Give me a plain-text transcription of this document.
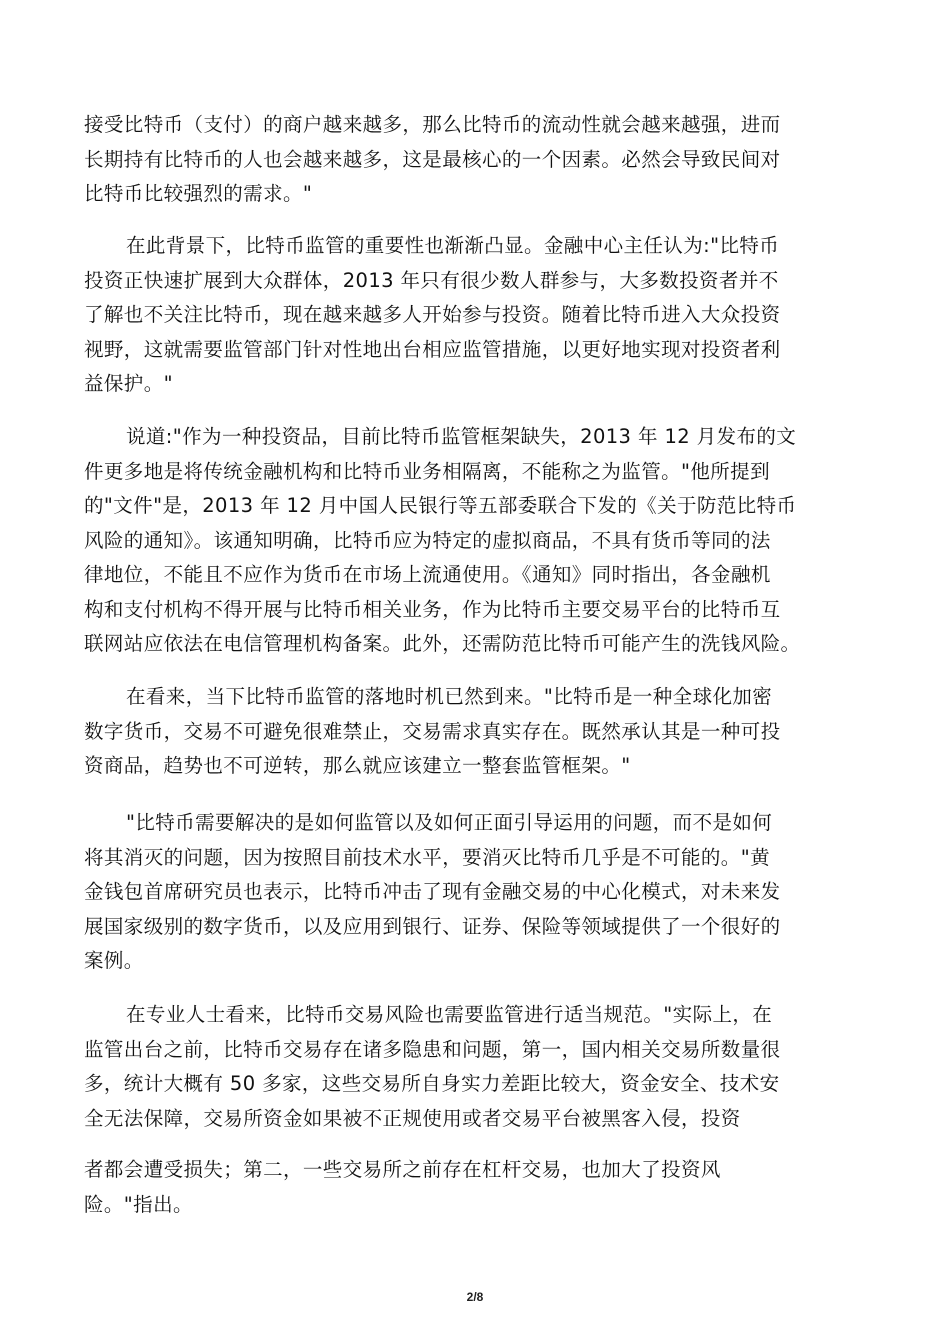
接受比特币（支付）的商户越来越多，那么比特币的流动性就会越来越强，进而
长期持有比特币的人也会越来越多，这是最核心的一个因素。必然会导致民间对
比特币比较强烈的需求。"
在此背景下，比特币监管的重要性也渐渐凸显。金融中心主任认为:"比特币
投资正快速扩展到大众群体，2013 年只有很少数人群参与，大多数投资者并不
了解也不关注比特币，现在越来越多人开始参与投资。随着比特币进入大众投资
视野，这就需要监管部门针对性地出台相应监管措施，以更好地实现对投资者利
益保护。"
说道:"作为一种投资品，目前比特币监管框架缺失，2013 年 12 月发布的文
件更多地是将传统金融机构和比特币业务相隔离，不能称之为监管。"他所提到
的"文件"是，2013 年 12 月中国人民银行等五部委联合下发的《关于防范比特币
风险的通知》。该通知明确，比特币应为特定的虚拟商品，不具有货币等同的法
律地位，不能且不应作为货币在市场上流通使用。《通知》同时指出，各金融机
构和支付机构不得开展与比特币相关业务，作为比特币主要交易平台的比特币互
联网站应依法在电信管理机构备案。此外，还需防范比特币可能产生的洗钱风险。
在看来，当下比特币监管的落地时机已然到来。"比特币是一种全球化加密
数字货币，交易不可避免很难禁止，交易需求真实存在。既然承认其是一种可投
资商品，趋势也不可逆转，那么就应该建立一整套监管框架。"
"比特币需要解决的是如何监管以及如何正面引导运用的问题，而不是如何
将其消灭的问题，因为按照目前技术水平，要消灭比特币几乎是不可能的。"黄
金钱包首席研究员也表示，比特币冲击了现有金融交易的中心化模式，对未来发
展国家级别的数字货币，以及应用到银行、证券、保险等领域提供了一个很好的
案例。
在专业人士看来，比特币交易风险也需要监管进行适当规范。"实际上，在
监管出台之前，比特币交易存在诸多隐患和问题，第一，国内相关交易所数量很
多，统计大概有 50 多家，这些交易所自身实力差距比较大，资金安全、技术安
全无法保障，交易所资金如果被不正规使用或者交易平台被黑客入侵，投资
者都会遭受损失；第二，一些交易所之前存在杠杆交易，也加大了投资风
险。"指出。
2/8
